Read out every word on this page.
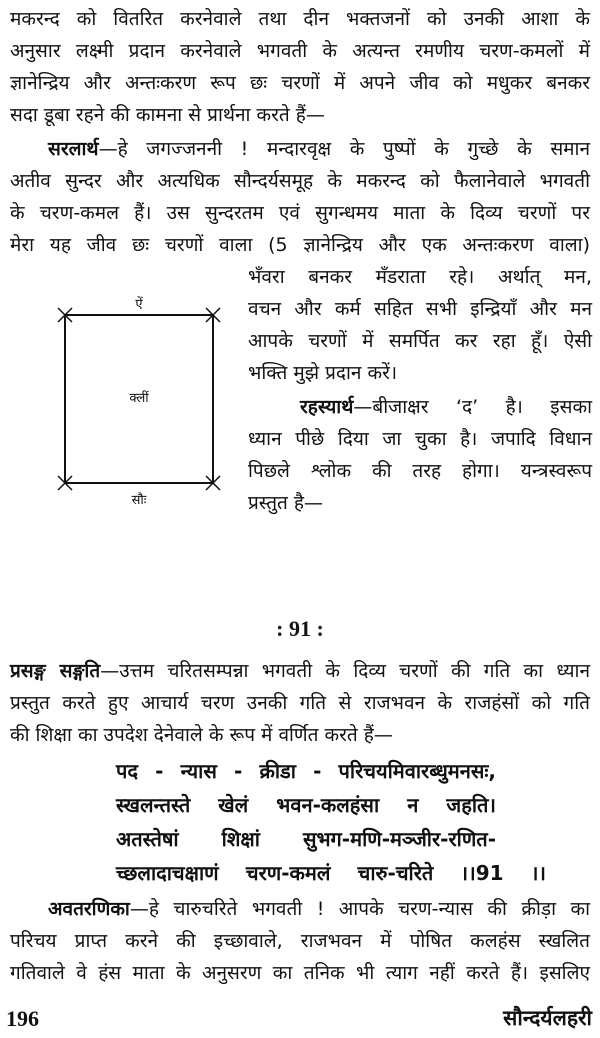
मकरन्द को वितरित करनेवाले तथा दीन भक्तजनों को उनकी आशा के
अनुसार लक्ष्मी प्रदान करनेवाले भगवती के अत्यन्त रमणीय चरण-कमलों में
ज्ञानेन्द्रिय और अन्तःकरण रूप छः चरणों में अपने जीव को मधुकर बनकर
सदा डूबा रहने की कामना से प्रार्थना करते हैं—
सरलार्थ—हे जगज्जननी ! मन्दारवृक्ष के पुष्पों के गुच्छे के समान
अतीव सुन्दर और अत्यधिक सौन्दर्यसमूह के मकरन्द को फैलानेवाले भगवती
के चरण-कमल हैं। उस सुन्दरतम एवं सुगन्धमय माता के दिव्य चरणों पर
मेरा यह जीव छः चरणों वाला (5 ज्ञानेन्द्रिय और एक अन्तःकरण वाला)
भँवरा बनकर मँडराता रहे। अर्थात् मन,
वचन और कर्म सहित सभी इन्द्रियाँ और मन
आपके चरणों में समर्पित कर रहा हूँ। ऐसी
भक्ति मुझे प्रदान करें।
रहस्यार्थ—बीजाक्षर ‘द’ है। इसका
ध्यान पीछे दिया जा चुका है। जपादि विधान
पिछले श्लोक की तरह होगा। यन्त्रस्वरूप
प्रस्तुत है—
ऐं
क्लीं
सौः
: 91 :
प्रसङ्ग सङ्गति—उत्तम चरितसम्पन्ना भगवती के दिव्य चरणों की गति का ध्यान
प्रस्तुत करते हुए आचार्य चरण उनकी गति से राजभवन के राजहंसों को गति
की शिक्षा का उपदेश देनेवाले के रूप में वर्णित करते हैं—
पद - न्यास - क्रीडा - परिचयमिवारब्धुमनसः,
स्खलन्तस्ते खेलं भवन-कलहंसा न जहति।
अतस्तेषां शिक्षां सुभग-मणि-मञ्जीर-रणित-
च्छलादाचक्षाणं चरण-कमलं चारु-चरिते ।।91 ।।
अवतरणिका—हे चारुचरिते भगवती ! आपके चरण-न्यास की क्रीड़ा का
परिचय प्राप्त करने की इच्छावाले, राजभवन में पोषित कलहंस स्खलित
गतिवाले वे हंस माता के अनुसरण का तनिक भी त्याग नहीं करते हैं। इसलिए
196	सौन्दर्यलहरी
